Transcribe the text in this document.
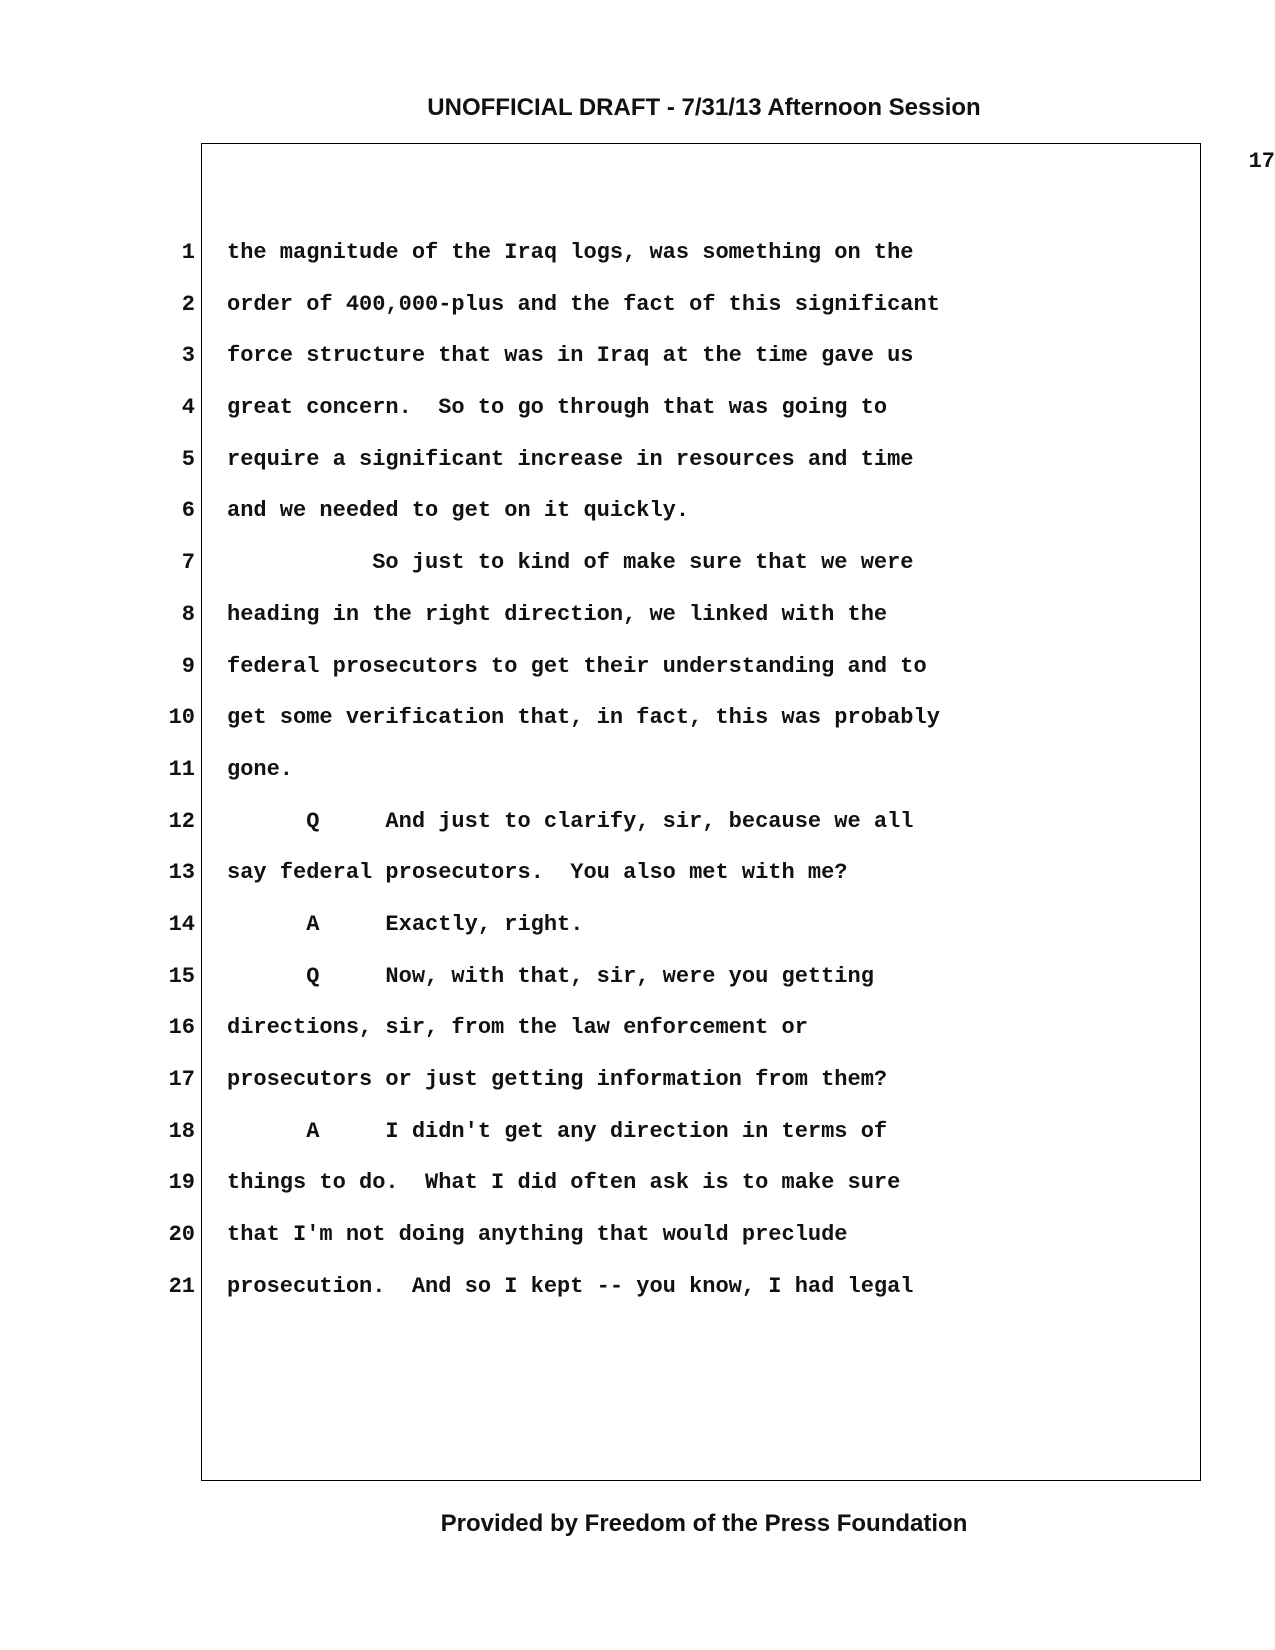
UNOFFICIAL DRAFT - 7/31/13 Afternoon Session
17
1 the magnitude of the Iraq logs, was something on the
2 order of 400,000-plus and the fact of this significant
3 force structure that was in Iraq at the time gave us
4 great concern.  So to go through that was going to
5 require a significant increase in resources and time
6 and we needed to get on it quickly.
7 So just to kind of make sure that we were
8 heading in the right direction, we linked with the
9 federal prosecutors to get their understanding and to
10 get some verification that, in fact, this was probably
11 gone.
12 Q     And just to clarify, sir, because we all
13 say federal prosecutors.  You also met with me?
14 A     Exactly, right.
15 Q     Now, with that, sir, were you getting
16 directions, sir, from the law enforcement or
17 prosecutors or just getting information from them?
18 A     I didn't get any direction in terms of
19 things to do.  What I did often ask is to make sure
20 that I'm not doing anything that would preclude
21 prosecution.  And so I kept -- you know, I had legal
Provided by Freedom of the Press Foundation
